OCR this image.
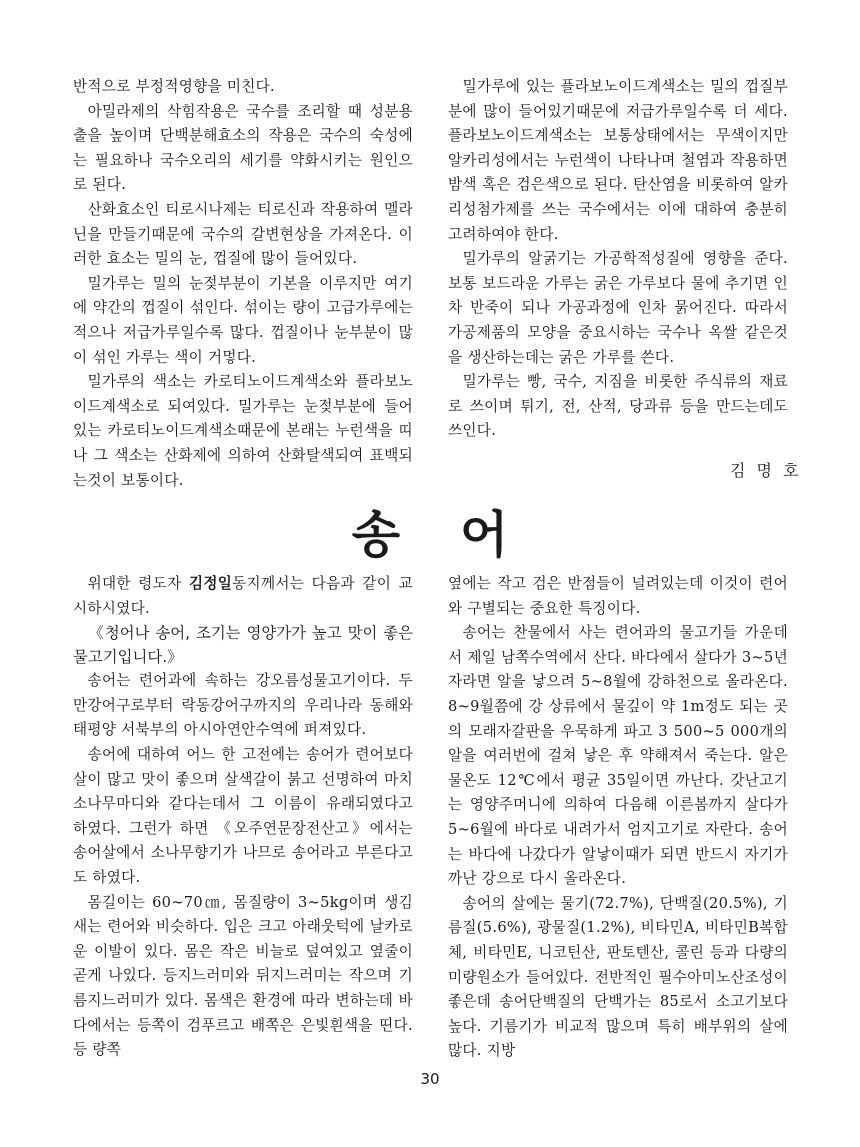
반적으로 부정적영향을 미친다.

아밀라제의 삭힘작용은 국수를 조리할 때 성분용출을 높이며 단백분해효소의 작용은 국수의 숙성에는 필요하나 국수오리의 세기를 약화시키는 원인으로 된다.

산화효소인 티로시나제는 티로신과 작용하여 멜라닌을 만들기때문에 국수의 갈변현상을 가져온다. 이러한 효소는 밀의 눈, 껍질에 많이 들어있다.

밀가루는 밀의 눈젖부분이 기본을 이루지만 여기에 약간의 껍질이 섞인다. 섞이는 량이 고급가루에는 적으나 저급가루일수록 많다. 껍질이나 눈부분이 많이 섞인 가루는 색이 거멓다.

밀가루의 색소는 카로티노이드계색소와 플라보노이드계색소로 되여있다. 밀가루는 눈젖부분에 들어있는 카로티노이드계색소때문에 본래는 누런색을 띠나 그 색소는 산화제에 의하여 산화탈색되여 표백되는것이 보통이다.

밀가루에 있는 플라보노이드계색소는 밀의 껍질부분에 많이 들어있기때문에 저급가루일수록 더 세다. 플라보노이드계색소는 보통상태에서는 무색이지만 알카리성에서는 누런색이 나타나며 철염과 작용하면 밤색 혹은 검은색으로 된다. 탄산염을 비롯하여 알카리성첨가제를 쓰는 국수에서는 이에 대하여 충분히 고려하여야 한다.

밀가루의 알굵기는 가공학적성질에 영향을 준다. 보통 보드라운 가루는 굵은 가루보다 물에 추기면 인차 반죽이 되나 가공과정에 인차 묽어진다. 따라서 가공제품의 모양을 중요시하는 국수나 옥쌀 같은것을 생산하는데는 굵은 가루를 쓴다.

밀가루는 빵, 국수, 지짐을 비롯한 주식류의 재료로 쓰이며 튀기, 전, 산적, 당과류 등을 만드는데도 쓰인다.

김 명 호
송어

위대한 령도자 김정일동지께서는 다음과 같이 교시하시였다.

《청어나 송어, 조기는 영양가가 높고 맛이 좋은 물고기입니다.》

송어는 련어과에 속하는 강오름성물고기이다. 두만강어구로부터 락동강어구까지의 우리나라 동해와 태평양 서북부의 아시아연안수역에 퍼져있다.

송어에 대하여 어느 한 고전에는 송어가 련어보다 살이 많고 맛이 좋으며 살색갈이 붉고 선명하여 마치 소나무마디와 같다는데서 그 이름이 유래되였다고 하였다. 그런가 하면 《오주연문장전산고》에서는 송어살에서 소나무향기가 나므로 송어라고 부른다고도 하였다.

몸길이는 60~70㎝, 몸질량이 3~5kg이며 생김새는 련어와 비슷하다. 입은 크고 아래웃턱에 날카로운 이발이 있다. 몸은 작은 비늘로 덮여있고 옆줄이 곧게 나있다. 등지느러미와 뒤지느러미는 작으며 기름지느러미가 있다. 몸색은 환경에 따라 변하는데 바다에서는 등쪽이 검푸르고 배쪽은 은빛흰색을 띤다. 등 량쪽

옆에는 작고 검은 반점들이 널려있는데 이것이 련어와 구별되는 중요한 특징이다.

송어는 찬물에서 사는 련어과의 물고기들 가운데서 제일 남쪽수역에서 산다. 바다에서 살다가 3~5년 자라면 알을 낳으려 5~8월에 강하천으로 올라온다. 8~9월쯤에 강 상류에서 물깊이 약 1m정도 되는 곳의 모래자갈판을 우묵하게 파고 3 500~5 000개의 알을 여러번에 걸쳐 낳은 후 약해져서 죽는다. 알은 물온도 12℃에서 평균 35일이면 까난다. 갓난고기는 영양주머니에 의하여 다음해 이른봄까지 살다가 5~6월에 바다로 내려가서 엄지고기로 자란다. 송어는 바다에 나갔다가 알낳이때가 되면 반드시 자기가 까난 강으로 다시 올라온다.

송어의 살에는 물기(72.7%), 단백질(20.5%), 기름질(5.6%), 광물질(1.2%), 비타민A, 비타민B복합체, 비타민E, 니코틴산, 판토텐산, 콜린 등과 다량의 미량원소가 들어있다. 전반적인 필수아미노산조성이 좋은데 송어단백질의 단백가는 85로서 소고기보다 높다. 기름기가 비교적 많으며 특히 배부위의 살에 많다. 지방

30
